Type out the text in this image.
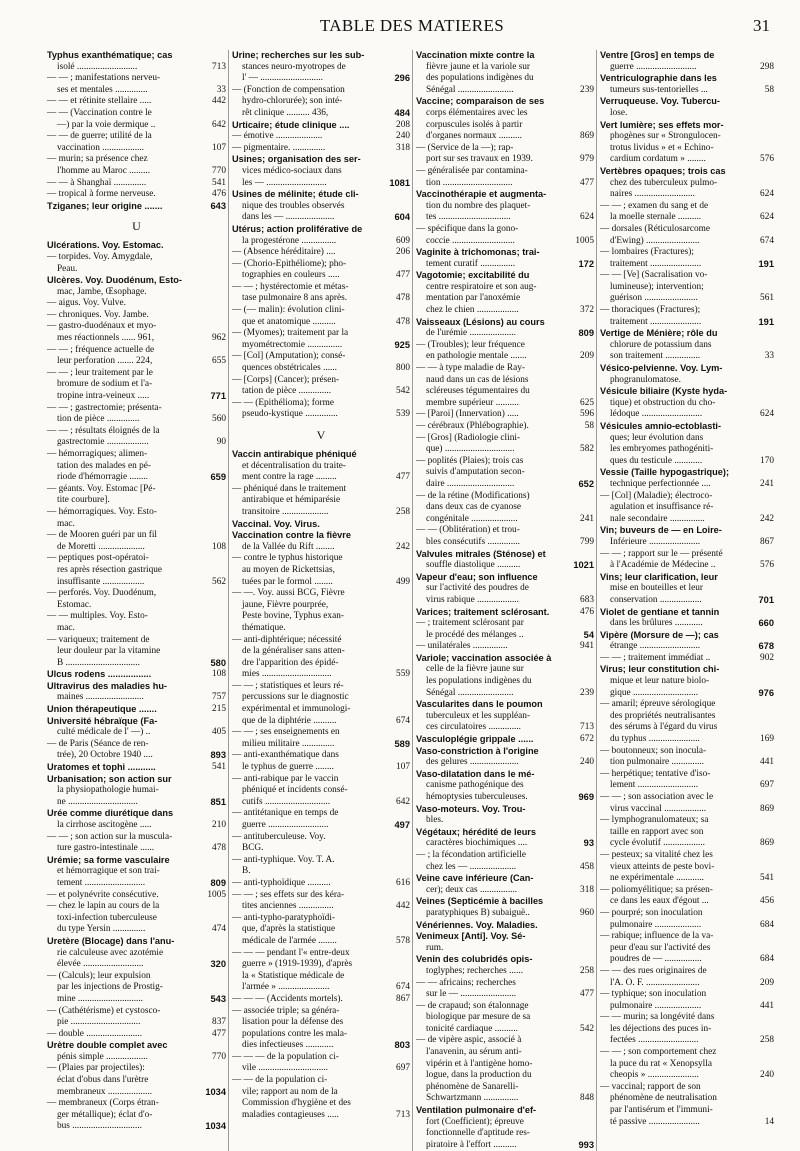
TABLE DES MATIERES	31
Typhus exanthématique; cas
isolé ..........................	713
— — ; manifestations nerveu-
ses et mentales ..............	33
— — et rétinite stellaire .....	442
— — (Vaccination contre le
—) par la voie dermique ..	642
— — de guerre; utilité de la
vaccination ..................	107
— murin; sa présence chez
l'homme au Maroc .........	770
— — à Shanghaï ..............	541
— tropical à forme nerveuse.	476
Tziganes; leur origine .......	643
U
Ulcérations. Voy. Estomac.
— torpides. Voy. Amygdale,
Peau.
Ulcères. Voy. Duodénum, Esto-
mac, Jambe, Œsophage.
— aigus. Voy. Vulve.
— chroniques. Voy. Jambe.
— gastro-duodénaux et myo-
mes réactionnels ...... 961,	962
— — ; fréquence actuelle de
leur perforation ....... 224,	655
— — ; leur traitement par le
bromure de sodium et l'a-
tropine intra-veineux .....	771
— — ; gastrectomie; présenta-
tion de pièce ..............	560
— — ; résultats éloignés de la
gastrectomie ..................	90
— hémorragiques; alimen-
tation des malades en pé-
riode d'hémorragie ........	659
— géants. Voy. Estomac [Pé-
tite courbure].
— hémorragiques. Voy. Esto-
mac.
— de Mooren guéri par un fil
de Moretti ....................	108
— peptiques post-opératoi-
res après résection gastrique
insuffisante ..................	562
— perforés. Voy. Duodénum,
Estomac.
— — multiples. Voy. Esto-
mac.
— variqueux; traitement de
leur douleur par la vitamine
B ................................	580
Ulcus rodens .................	108
Ultravirus des maladies hu-
maines .........................	757
Union thérapeutique .......	215
Université hébraïque (Fa-
culté médicale de l' —) ..	405
— de Paris (Séance de ren-
trée), 20 Octobre 1940 ....	893
Uratomes et tophi ...........	541
Urbanisation; son action sur
la physiopathologie humai-
ne ..............................	851
Urée comme diurétique dans
la cirrhose ascitogène .....	210
— — ; son action sur la muscula-
ture gastro-intestinale ......	478
Urémie; sa forme vasculaire
et hémorragique et son trai-
tement ..........................	809
— et polynévrite consécutive.	1005
— chez le lapin au cours de la
toxi-infection tuberculeuse
du type Yersin ..............	474
Uretère (Blocage) dans l'anu-
rie calculeuse avec azotémie
élevée ..........................	320
— (Calculs); leur expulsion
par les injections de Prostig-
mine ............................	543
— (Cathétérisme) et cystosco-
pie ..............................	837
— double ........................	477
Urètre double complet avec
pénis simple ..................	770
— (Plaies par projectiles):
éclat d'obus dans l'urètre
membraneux ...................	1034
— membraneux (Corps étran-
ger métallique); éclat d'o-
bus ..............................	1034
Urine; recherches sur les sub-
stances neuro-myotropes de
l' — ...........................	296
— (Fonction de compensation
hydro-chlorurée); son inté-
rêt clinique .......... 436,	484
Urticaire; étude clinique ....	208
— émotive ....................	240
— pigmentaire. ..............	318
Usines; organisation des ser-
vices médico-sociaux dans
les — ..........................	1081
Usines de mélinite; étude cli-
nique des troubles observés
dans les — .....................	604
Utérus; action proliférative de
la progestérone ...............	609
— (Absence héréditaire) ....	206
— (Chorio-Epithéliome); pho-
tographies en couleurs .....	477
— — ; hystérectomie et métas-
tase pulmonaire 8 ans après.	478
— (— malin): évolution clini-
que et anatomique ..........	478
— (Myomes); traitement par la
myométrectomie ...............	925
— [Col] (Amputation); consé-
quences obstétricales ......	800
— [Corps] (Cancer); présen-
tation de pièce ..............	542
— — (Epithélioma); forme
pseudo-kystique ..............	539
V
Vaccin antirabique phéniqué
et décentralisation du traite-
ment contre la rage .........	477
— phéniqué dans le traitement
antirabique et hémiparésie
transitoire ....................	258
Vaccinal. Voy. Virus.
Vaccination contre la fièvre
de la Vallée du Rift ........	242
— contre le typhus historique
au moyen de Rickettsias,
tuées par le formol ........	499
— —. Voy. aussi BCG, Fièvre
jaune, Fièvre pourprée,
Peste bovine, Typhus exan-
thématique.
— anti-diphtérique; nécessité
de la généraliser sans atten-
dre l'apparition des épidé-
mies ..............................	559
— — ; statistiques et leurs ré-
percussions sur le diagnostic
expérimental et immunologi-
que de la diphtérie ..........	674
— — ; ses enseignements en
milieu militaire ..............	589
— anti-exanthématique dans
le typhus de guerre ........	107
— anti-rabique par le vaccin
phéniqué et incidents consé-
cutifs ............................	642
— antitétanique en temps de
guerre ..........................	497
— antituberculeuse. Voy.
BCG.
— anti-typhique. Voy. T. A.
B.
— anti-typhoïdique ..........	616
— — ; ses effets sur des kéra-
tites anciennes ...............	442
— anti-typho-paratyphoïdi-
que, d'après la statistique
médicale de l'armée ........	578
— — — pendant l'« entre-deux
guerre » (1919-1939), d'après
la « Statistique médicale de
l'armée » ......................	674
— — — (Accidents mortels).	867
— associée triple; sa généra-
lisation pour la défense des
populations contre les mala-
dies infectieuses ............	803
— — — de la population ci-
vile ..............................	697
— — de la population ci-
vile; rapport au nom de la
Commission d'hygiène et des
maladies contagieuses .....	713
Vaccination mixte contre la
fièvre jaune et la variole sur
des populations indigènes du
Sénégal ........................	239
Vaccine; comparaison de ses
corps élémentaires avec les
corpuscules isolés à partir
d'organes normaux ..........	869
— (Service de la —); rap-
port sur ses travaux en 1939.	979
— généralisée par contamina-
tion ..............................	477
Vaccinothérapie et augmenta-
tion du nombre des plaquet-
tes ...............................	624
— spécifique dans la gono-
coccie ...........................	1005
Vaginite à trichomonas; trai-
tement curatif ...............	172
Vagotomie; excitabilité du
centre respiratoire et son aug-
mentation par l'anoxémie
chez le chien ..................	372
Vaisseaux (Lésions) au cours
de l'urémie ....................	809
— (Troubles); leur fréquence
en pathologie mentale .......	209
— — à type maladie de Ray-
naud dans un cas de lésions
scléreuses tégumentaires du
membre supérieur ..........	625
— [Paroi] (Innervation) .....	596
— cérébraux (Phlébographie).	58
— [Gros] (Radiologie clini-
que) ..............................	582
— poplités (Plaies); trois cas
suivis d'amputation secon-
daire .............................	652
— de la rétine (Modifications)
dans deux cas de cyanose
congénitale ....................	241
— — (Oblitération) et trou-
bles consécutifs ..............	799
Valvules mitrales (Sténose) et
souffle diastolique ..........	1021
Vapeur d'eau; son influence
sur l'activité des poudres de
virus rabique ..................	683
Varices; traitement sclérosant.	476
— ; traitement sclérosant par
le procédé des mélanges ..	54
— unilatérales ...............	941
Variole; vaccination associée à
celle de la fièvre jaune sur
les populations indigènes du
Sénégal ........................	239
Vascularites dans le poumon
tuberculeux et les suppléan-
ces circulatoires ..............	713
Vasculoplégie grippale ......	672
Vaso-constriction à l'origine
des gelures .....................	240
Vaso-dilatation dans le mé-
canisme pathogénique des
hémoptysies tuberculeuses.	969
Vaso-moteurs. Voy. Trou-
bles.
Végétaux; hérédité de leurs
caractères biochimiques ....	93
— ; la fécondation artificielle
chez les — ....................	458
Veine cave inférieure (Can-
cer); deux cas ................	318
Veines (Septicémie à bacilles
paratyphiques B) subaiguë..	960
Vénériennes. Voy. Maladies.
Venimeux [Anti]. Voy. Sé-
rum.
Venin des colubridés opis-
toglyphes; recherches ......	258
— — africains; recherches
sur le — ........................	477
— de crapaud; son étalonnage
biologique par mesure de sa
tonicité cardiaque ..........	542
— de vipère aspic, associé à
l'anavenin, au sérum anti-
vipérin et à l'antigène homo-
logue, dans la production du
phénomène de Sanarelli-
Schwartzmann ...............	848
Ventilation pulmonaire d'ef-
fort (Coefficient); épreuve
fonctionnelle d'aptitude res-
piratoire à l'effort ..........	993
Ventre [Gros] en temps de
guerre ..........................	298
Ventriculographie dans les
tumeurs sus-tentorielles ...	58
Verruqueuse. Voy. Tubercu-
lose.
Vert lumière; ses effets mor-
phogènes sur « Strongulocen-
trotus lividus » et « Echino-
cardium cordatum » ........	576
Vertèbres opaques; trois cas
chez des tuberculeux pulmo-
naires ..........................	624
— — ; examen du sang et de
la moelle sternale ..........	624
— dorsales (Réticulosarcome
d'Ewing) .......................	674
— lombaires (Fractures);
traitement ......................	191
— — [Ve] (Sacralisation vo-
lumineuse); intervention;
guérison .......................	561
— thoraciques (Fractures);
traitement ......................	191
Vertige de Ménière; rôle du
chlorure de potassium dans
son traitement ...............	33
Vésico-pelvienne. Voy. Lym-
phogranulomatose.
Vésicule biliaire (Kyste hyda-
tique) et obstruction du cho-
lédoque ..........................	624
Vésicules amnio-ectoblasti-
ques; leur évolution dans
les embryomes pathogéniti-
ques du testicule ............	170
Vessie (Taille hypogastrique);
technique perfectionnée ....	241
— [Col] (Maladie); électroco-
agulation et insuffisance ré-
nale secondaire ...............	242
Vin; buveurs de — en Loire-
Inférieure ......................	867
— — ; rapport sur le — présenté
à l'Académie de Médecine ..	576
Vins; leur clarification, leur
mise en bouteilles et leur
conservation ..................	701
Violet de gentiane et tannin
dans les brûlures ............	660
Vipère (Morsure de —); cas
étrange ..........................	678
— — ; traitement immédiat ..	902
Virus; leur constitution chi-
mique et leur nature biolo-
gique ............................	976
— amaril; épreuve sérologique
des propriétés neutralisantes
des sérums à l'égard du virus
du typhus ......................	169
— boutonneux; son inocula-
tion pulmonaire ..............	441
— herpétique; tentative d'iso-
lement ..........................	697
— — ; son association avec le
virus vaccinal ..................	869
— lymphogranulomateux; sa
taille en rapport avec son
cycle évolutif ..................	869
— pesteux; sa vitalité chez les
vieux atteints de peste bovi-
ne expérimentale ............	541
— poliomyélitique; sa présen-
ce dans les eaux d'égout ...	456
— pourpré; son inoculation
pulmonaire ....................	684
— rabique; influence de la va-
peur d'eau sur l'activité des
poudres de — ................	684
— — des rues originaires de
l'A. O. F. .......................	209
— typhique; son inoculation
pulmonaire ....................	441
— — murin; sa longévité dans
les déjections des puces in-
fectées ..........................	258
— — ; son comportement chez
la puce du rat « Xenopsylla
cheopis » ......................	240
— vaccinal; rapport de son
phénomène de neutralisation
par l'antisérum et l'immuni-
té passive ......................	14
